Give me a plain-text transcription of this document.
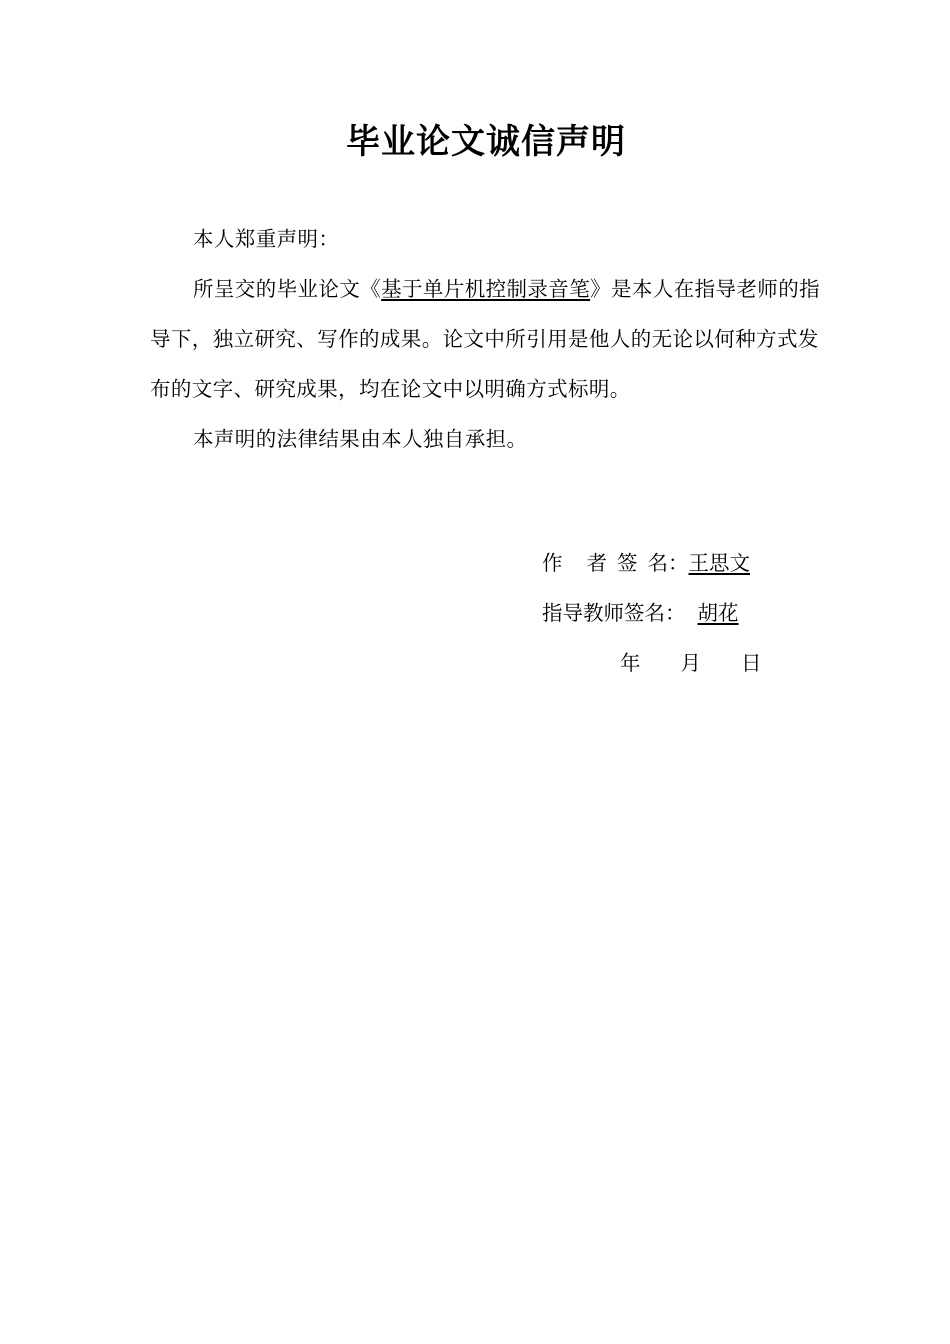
毕业论文诚信声明

本人郑重声明：

所呈交的毕业论文《基于单片机控制录音笔》是本人在指导老师的指导下，独立研究、写作的成果。论文中所引用是他人的无论以何种方式发布的文字、研究成果，均在论文中以明确方式标明。

本声明的法律结果由本人独自承担。

作 者 签 名：王思文
指导教师签名： 胡花
年 月 日
